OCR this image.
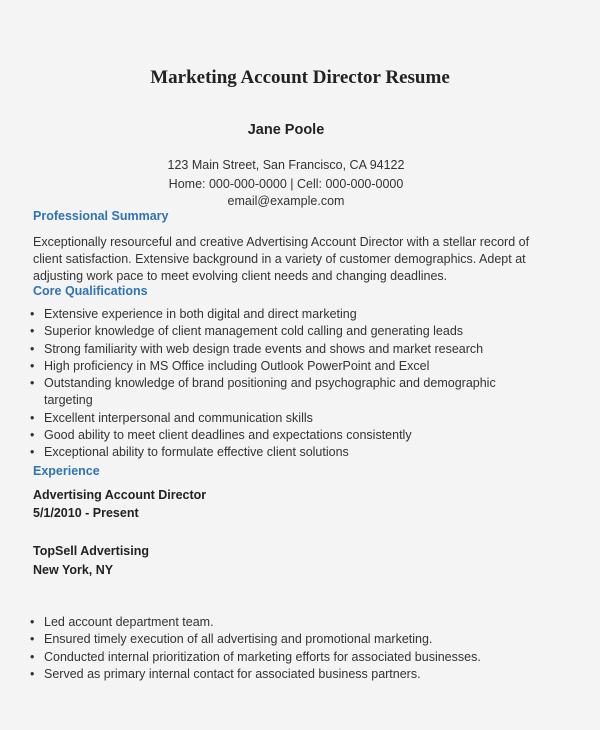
Marketing Account Director Resume
Jane Poole
123 Main Street, San Francisco, CA 94122
Home: 000-000-0000 | Cell: 000-000-0000
email@example.com
Professional Summary
Exceptionally resourceful and creative Advertising Account Director with a stellar record of client satisfaction. Extensive background in a variety of customer demographics. Adept at adjusting work pace to meet evolving client needs and changing deadlines.
Core Qualifications
• Extensive experience in both digital and direct marketing
• Superior knowledge of client management cold calling and generating leads
• Strong familiarity with web design trade events and shows and market research
• High proficiency in MS Office including Outlook PowerPoint and Excel
• Outstanding knowledge of brand positioning and psychographic and demographic targeting
• Excellent interpersonal and communication skills
• Good ability to meet client deadlines and expectations consistently
• Exceptional ability to formulate effective client solutions
Experience
Advertising Account Director
5/1/2010 - Present
TopSell Advertising
New York, NY
• Led account department team.
• Ensured timely execution of all advertising and promotional marketing.
• Conducted internal prioritization of marketing efforts for associated businesses.
• Served as primary internal contact for associated business partners.
